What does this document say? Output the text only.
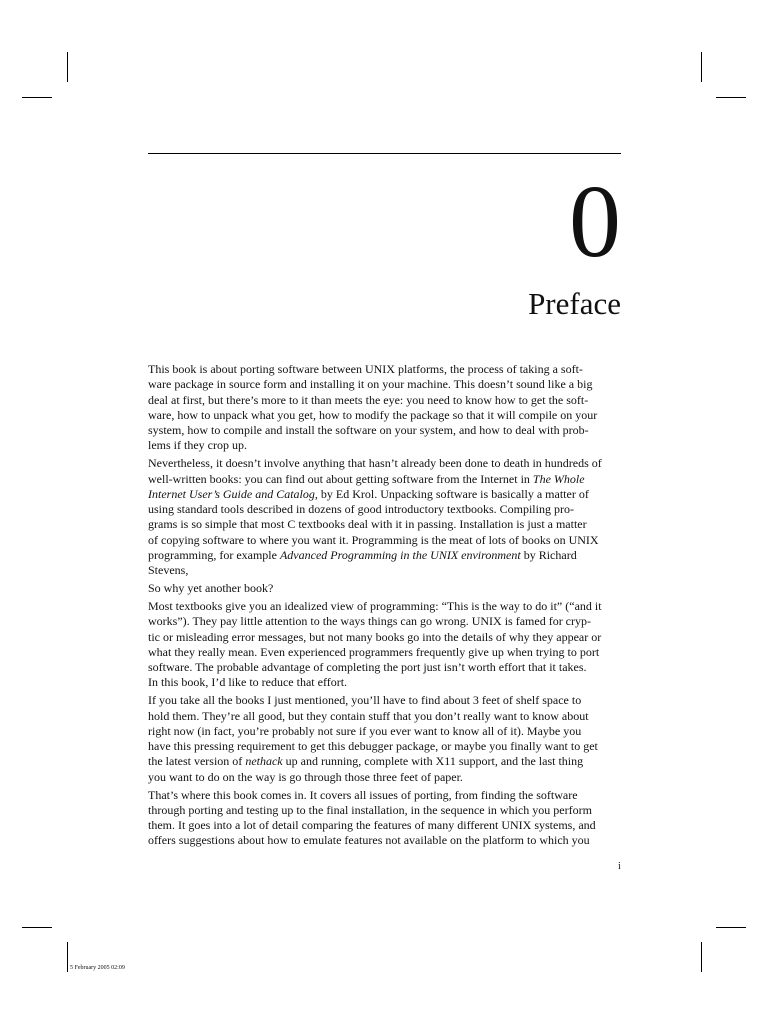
0
Preface
This book is about porting software between UNIX platforms, the process of taking a soft-
ware package in source form and installing it on your machine. This doesn’t sound like a big
deal at first, but there’s more to it than meets the eye: you need to know how to get the soft-
ware, how to unpack what you get, how to modify the package so that it will compile on your
system, how to compile and install the software on your system, and how to deal with prob-
lems if they crop up.
Nevertheless, it doesn’t involve anything that hasn’t already been done to death in hundreds of
well-written books: you can find out about getting software from the Internet in The Whole
Internet User’s Guide and Catalog, by Ed Krol. Unpacking software is basically a matter of
using standard tools described in dozens of good introductory textbooks. Compiling pro-
grams is so simple that most C textbooks deal with it in passing. Installation is just a matter
of copying software to where you want it. Programming is the meat of lots of books on UNIX
programming, for example Advanced Programming in the UNIX environment by Richard
Stevens,
So why yet another book?
Most textbooks give you an idealized view of programming: “This is the way to do it” (“and it
works”). They pay little attention to the ways things can go wrong. UNIX is famed for cryp-
tic or misleading error messages, but not many books go into the details of why they appear or
what they really mean. Even experienced programmers frequently give up when trying to port
software. The probable advantage of completing the port just isn’t worth effort that it takes.
In this book, I’d like to reduce that effort.
If you take all the books I just mentioned, you’ll have to find about 3 feet of shelf space to
hold them. They’re all good, but they contain stuff that you don’t really want to know about
right now (in fact, you’re probably not sure if you ever want to know all of it). Maybe you
have this pressing requirement to get this debugger package, or maybe you finally want to get
the latest version of nethack up and running, complete with X11 support, and the last thing
you want to do on the way is go through those three feet of paper.
That’s where this book comes in. It covers all issues of porting, from finding the software
through porting and testing up to the final installation, in the sequence in which you perform
them. It goes into a lot of detail comparing the features of many different UNIX systems, and
offers suggestions about how to emulate features not available on the platform to which you
i
5 February 2005 02:09
